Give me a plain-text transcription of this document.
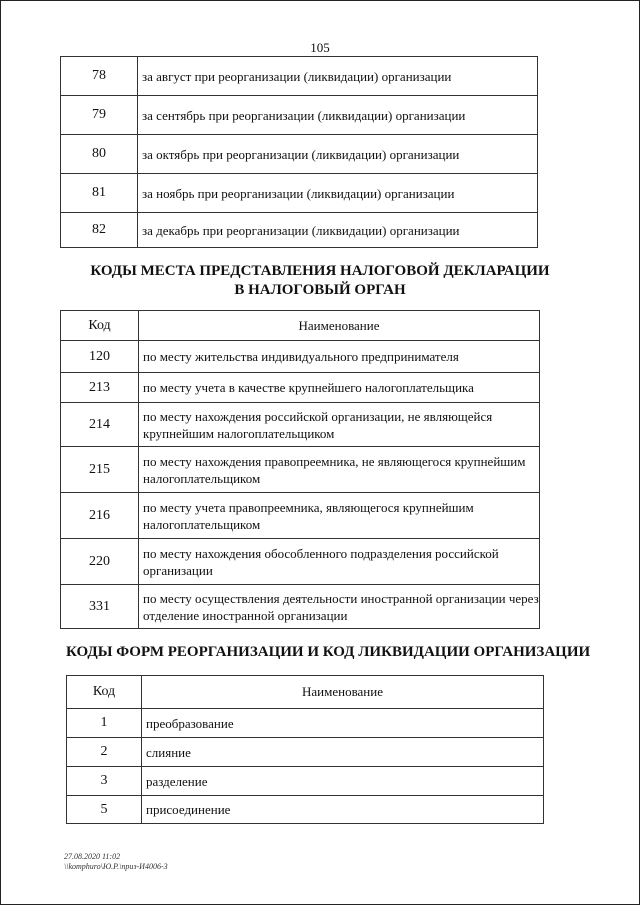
105
78	за август при реорганизации (ликвидации) организации
79	за сентябрь при реорганизации (ликвидации) организации
80	за октябрь при реорганизации (ликвидации) организации
81	за ноябрь при реорганизации (ликвидации) организации
82	за декабрь при реорганизации (ликвидации) организации
КОДЫ МЕСТА ПРЕДСТАВЛЕНИЯ НАЛОГОВОЙ ДЕКЛАРАЦИИ
В НАЛОГОВЫЙ ОРГАН
Код	Наименование
120	по месту жительства индивидуального предпринимателя
213	по месту учета в качестве крупнейшего налогоплательщика
214	по месту нахождения российской организации, не являющейся крупнейшим налогоплательщиком
215	по месту нахождения правопреемника, не являющегося крупнейшим налогоплательщиком
216	по месту учета правопреемника, являющегося крупнейшим налогоплательщиком
220	по месту нахождения обособленного подразделения российской организации
331	по месту осуществления деятельности иностранной организации через отделение иностранной организации
КОДЫ ФОРМ РЕОРГАНИЗАЦИИ И КОД ЛИКВИДАЦИИ ОРГАНИЗАЦИИ
Код	Наименование
1	преобразование
2	слияние
3	разделение
5	присоединение
27.08.2020 11:02
\\komphuro\Ю.Р.\приз-И4006-3
